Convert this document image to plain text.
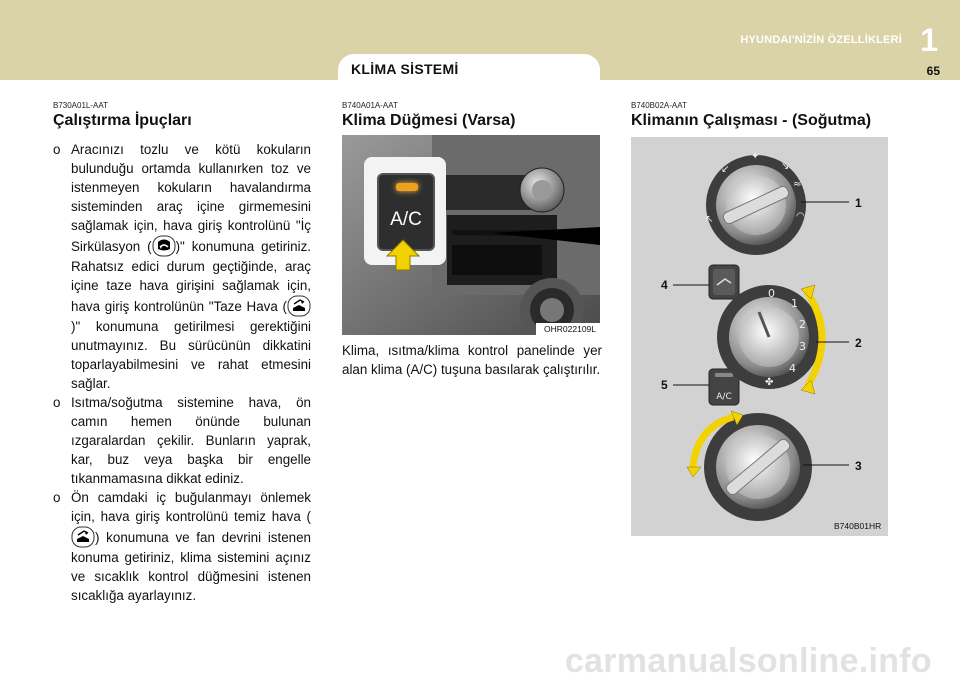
HYUNDAI'NİZİN ÖZELLİKLERİ 1
65
KLİMA SİSTEMİ
B730A01L-AAT
Çalıştırma İpuçları
o Aracınızı tozlu ve kötü kokuların bulunduğu ortamda kullanırken toz ve istenmeyen kokuların havalandırma sisteminden araç içine girmemesini sağlamak için, hava giriş kontrolünü "İç Sirkülasyon ( )" konumuna getiriniz. Rahatsız edici durum geçtiğinde, araç içine taze hava girişini sağlamak için, hava giriş kontrolünün "Taze Hava ()" konumuna getirilmesi gerektiğini unutmayınız. Bu sürücünün dikkatini toparlayabilmesini ve rahat etmesini sağlar.
o Isıtma/soğutma sistemine hava, ön camın hemen önünde bulunan ızgaralardan çekilir. Bunların yaprak, kar, buz veya başka bir engelle tıkanmamasına dikkat ediniz.
o Ön camdaki iç buğulanmayı önlemek için, hava giriş kontrolünü temiz hava () konumuna ve fan devrini istenen konuma getiriniz, klima sistemini açınız ve sıcaklık kontrol düğmesini istenen sıcaklığa ayarlayınız.
B740A01A-AAT
Klima Düğmesi (Varsa)
A/C
OHR022109L
Klima, ısıtma/klima kontrol panelinde yer alan klima (A/C) tuşuna basılarak çalıştırılır.
B740B02A-AAT
Klimanın Çalışması - (Soğutma)
↙
✦
↘
≈
↖	◠
A/C
0
1
2
3
4
✤
1
2
3
4
5
B740B01HR
carmanualsonline.info
